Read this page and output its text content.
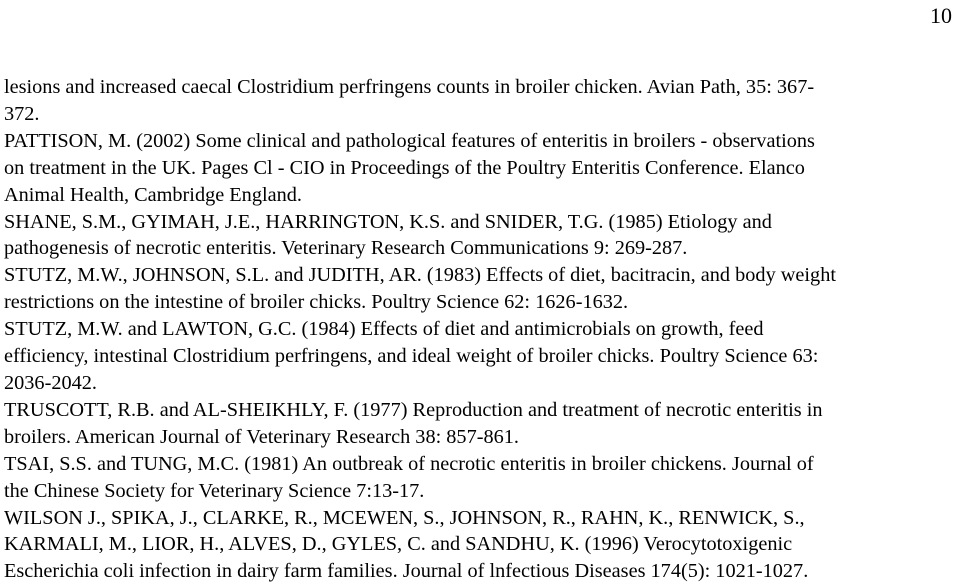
10
lesions and increased caecal Clostridium perfringens counts in broiler chicken. Avian Path, 35: 367-
372.
PATTISON, M. (2002) Some clinical and pathological features of enteritis in broilers - observations
on treatment in the UK. Pages Cl - CIO in Proceedings of the Poultry Enteritis Conference. Elanco
Animal Health, Cambridge England.
SHANE, S.M., GYIMAH, J.E., HARRINGTON, K.S. and SNIDER, T.G. (1985) Etiology and
pathogenesis of necrotic enteritis. Veterinary Research Communications 9: 269-287.
STUTZ, M.W., JOHNSON, S.L. and JUDITH, AR. (1983) Effects of diet, bacitracin, and body weight
restrictions on the intestine of broiler chicks. Poultry Science 62: 1626-1632.
STUTZ, M.W. and LAWTON, G.C. (1984) Effects of diet and antimicrobials on growth, feed
efficiency, intestinal Clostridium perfringens, and ideal weight of broiler chicks. Poultry Science 63:
2036-2042.
TRUSCOTT, R.B. and AL-SHEIKHLY, F. (1977) Reproduction and treatment of necrotic enteritis in
broilers. American Journal of Veterinary Research 38: 857-861.
TSAI, S.S. and TUNG, M.C. (1981) An outbreak of necrotic enteritis in broiler chickens. Journal of
the Chinese Society for Veterinary Science 7:13-17.
WILSON J., SPIKA, J., CLARKE, R., MCEWEN, S., JOHNSON, R., RAHN, K., RENWICK, S.,
KARMALI, M., LIOR, H., ALVES, D., GYLES, C. and SANDHU, K. (1996) Verocytotoxigenic
Escherichia coli infection in dairy farm families. Journal of lnfectious Diseases 174(5): 1021-1027.
